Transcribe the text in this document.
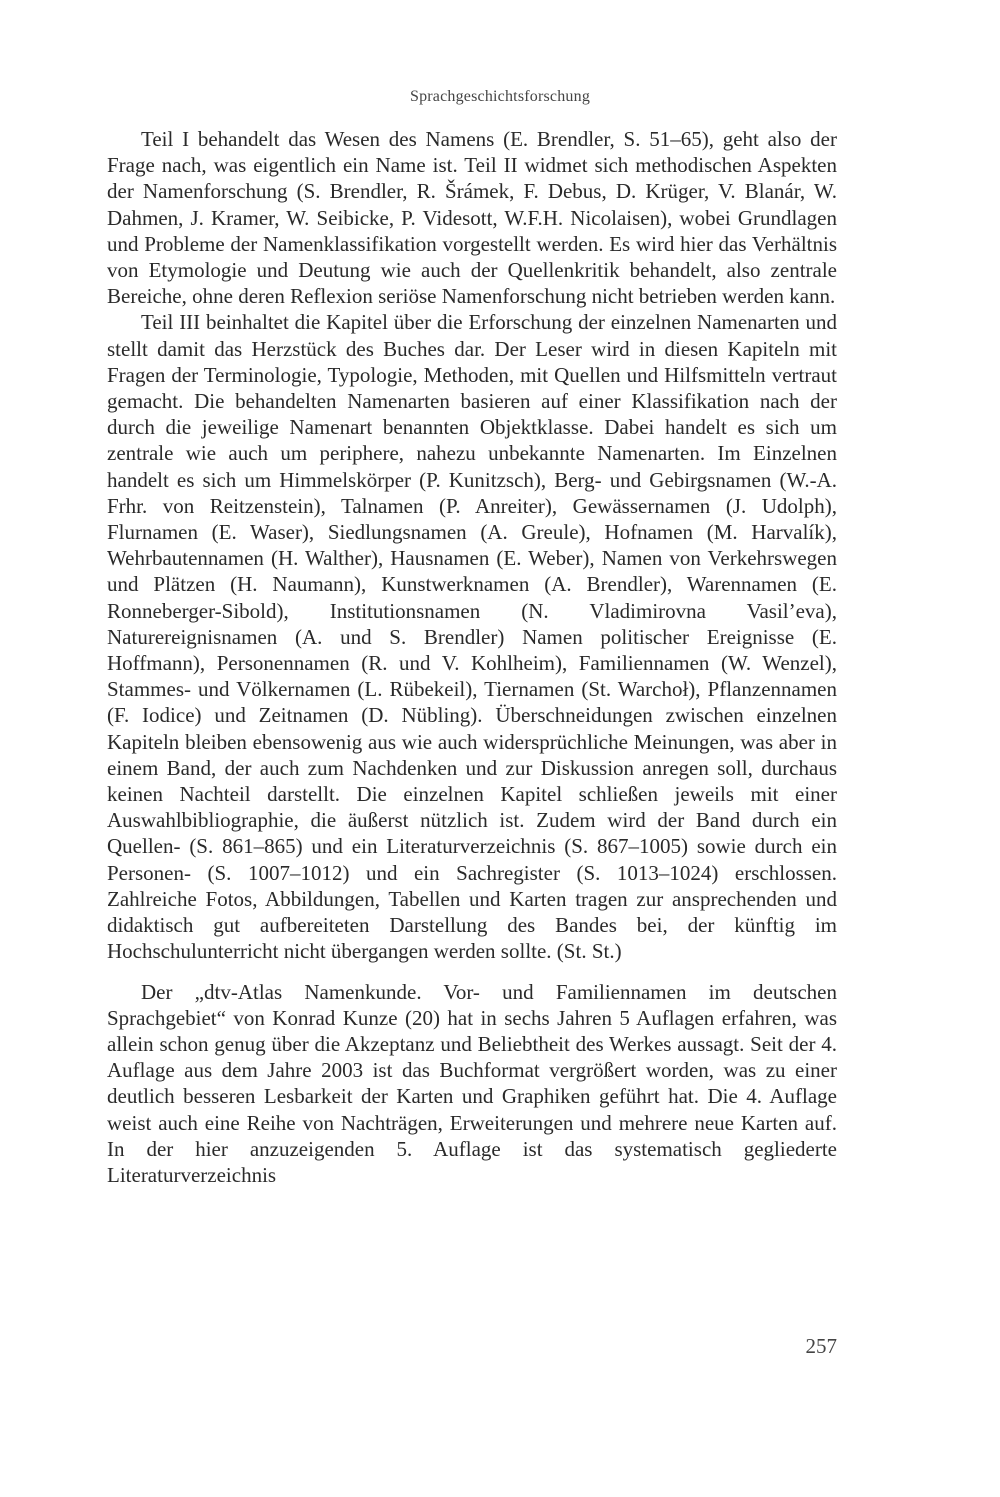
Sprachgeschichtsforschung

Teil I behandelt das Wesen des Namens (E. Brendler, S. 51–65), geht also der Frage nach, was eigentlich ein Name ist. Teil II widmet sich methodischen Aspekten der Namenforschung (S. Brendler, R. Šrámek, F. Debus, D. Krüger, V. Blanár, W. Dahmen, J. Kramer, W. Seibicke, P. Videsott, W.F.H. Nicolaisen), wobei Grundlagen und Probleme der Namenklassifikation vorgestellt werden. Es wird hier das Verhältnis von Etymologie und Deutung wie auch der Quellenkritik behandelt, also zentrale Bereiche, ohne deren Reflexion seriöse Namenforschung nicht betrieben werden kann.

Teil III beinhaltet die Kapitel über die Erforschung der einzelnen Namenarten und stellt damit das Herzstück des Buches dar. Der Leser wird in diesen Kapiteln mit Fragen der Terminologie, Typologie, Methoden, mit Quellen und Hilfsmitteln vertraut gemacht. Die behandelten Namenarten basieren auf einer Klassifikation nach der durch die jeweilige Namenart benannten Objektklasse. Dabei handelt es sich um zentrale wie auch um periphere, nahezu unbekannte Namenarten. Im Einzelnen handelt es sich um Himmelskörper (P. Kunitzsch), Berg- und Gebirgsnamen (W.-A. Frhr. von Reitzenstein), Talnamen (P. Anreiter), Gewässernamen (J. Udolph), Flurnamen (E. Waser), Siedlungsnamen (A. Greule), Hofnamen (M. Harvalík), Wehrbautennamen (H. Walther), Hausnamen (E. Weber), Namen von Verkehrswegen und Plätzen (H. Naumann), Kunstwerknamen (A. Brendler), Warennamen (E. Ronneberger-Sibold), Institutionsnamen (N. Vladimirovna Vasil’eva), Naturereignisnamen (A. und S. Brendler) Namen politischer Ereignisse (E. Hoffmann), Personennamen (R. und V. Kohlheim), Familiennamen (W. Wenzel), Stammes- und Völkernamen (L. Rübekeil), Tiernamen (St. Warchoł), Pflanzennamen (F. Iodice) und Zeitnamen (D. Nübling). Überschneidungen zwischen einzelnen Kapiteln bleiben ebensowenig aus wie auch widersprüchliche Meinungen, was aber in einem Band, der auch zum Nachdenken und zur Diskussion anregen soll, durchaus keinen Nachteil darstellt. Die einzelnen Kapitel schließen jeweils mit einer Auswahlbibliographie, die äußerst nützlich ist. Zudem wird der Band durch ein Quellen- (S. 861–865) und ein Literaturverzeichnis (S. 867–1005) sowie durch ein Personen- (S. 1007–1012) und ein Sachregister (S. 1013–1024) erschlossen. Zahlreiche Fotos, Abbildungen, Tabellen und Karten tragen zur ansprechenden und didaktisch gut aufbereiteten Darstellung des Bandes bei, der künftig im Hochschulunterricht nicht übergangen werden sollte. (St. St.)

Der „dtv-Atlas Namenkunde. Vor- und Familiennamen im deutschen Sprachgebiet“ von Konrad Kunze (20) hat in sechs Jahren 5 Auflagen erfahren, was allein schon genug über die Akzeptanz und Beliebtheit des Werkes aussagt. Seit der 4. Auflage aus dem Jahre 2003 ist das Buchformat vergrößert worden, was zu einer deutlich besseren Lesbarkeit der Karten und Graphiken geführt hat. Die 4. Auflage weist auch eine Reihe von Nachträgen, Erweiterungen und mehrere neue Karten auf. In der hier anzuzeigenden 5. Auflage ist das systematisch gegliederte Literaturverzeichnis

257
